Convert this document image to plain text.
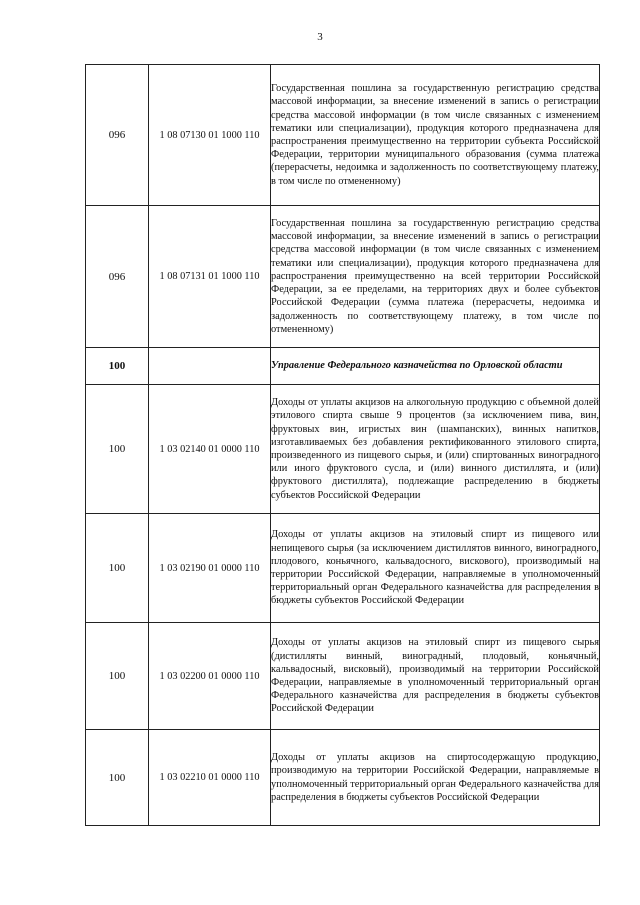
3
096	1 08 07130 01 1000 110	Государственная пошлина за государственную регистрацию средства массовой информации, за внесение изменений в запись о регистрации средства массовой информации (в том числе связанных с изменением тематики или специализации), продукция которого предназначена для распространения преимущественно на территории субъекта Российской Федерации, территории муниципального образования (сумма платежа (перерасчеты, недоимка и задолженность по соответствующему платежу, в том числе по отмененному)
096	1 08 07131 01 1000 110	Государственная пошлина за государственную регистрацию средства массовой информации, за внесение изменений в запись о регистрации средства массовой информации (в том числе связанных с изменением тематики или специализации), продукция которого предназначена для распространения преимущественно на всей территории Российской Федерации, за ее пределами, на территориях двух и более субъектов Российской Федерации (сумма платежа (перерасчеты, недоимка и задолженность по соответствующему платежу, в том числе по отмененному)
100		Управление Федерального казначейства по Орловской области
100	1 03 02140 01 0000 110	Доходы от уплаты акцизов на алкогольную продукцию с объемной долей этилового спирта свыше 9 процентов (за исключением пива, вин, фруктовых вин, игристых вин (шампанских), винных напитков, изготавливаемых без добавления ректификованного этилового спирта, произведенного из пищевого сырья, и (или) спиртованных виноградного или иного фруктового сусла, и (или) винного дистиллята, и (или) фруктового дистиллята), подлежащие распределению в бюджеты субъектов Российской Федерации
100	1 03 02190 01 0000 110	Доходы от уплаты акцизов на этиловый спирт из пищевого или непищевого сырья (за исключением дистиллятов винного, виноградного, плодового, коньячного, кальвадосного, вискового), производимый на территории Российской Федерации, направляемые в уполномоченный территориальный орган Федерального казначейства для распределения в бюджеты субъектов Российской Федерации
100	1 03 02200 01 0000 110	Доходы от уплаты акцизов на этиловый спирт из пищевого сырья (дистилляты винный, виноградный, плодовый, коньячный, кальвадосный, висковый), производимый на территории Российской Федерации, направляемые в уполномоченный территориальный орган Федерального казначейства для распределения в бюджеты субъектов Российской Федерации
100	1 03 02210 01 0000 110	Доходы от уплаты акцизов на спиртосодержащую продукцию, производимую на территории Российской Федерации, направляемые в уполномоченный территориальный орган Федерального казначейства для распределения в бюджеты субъектов Российской Федерации
